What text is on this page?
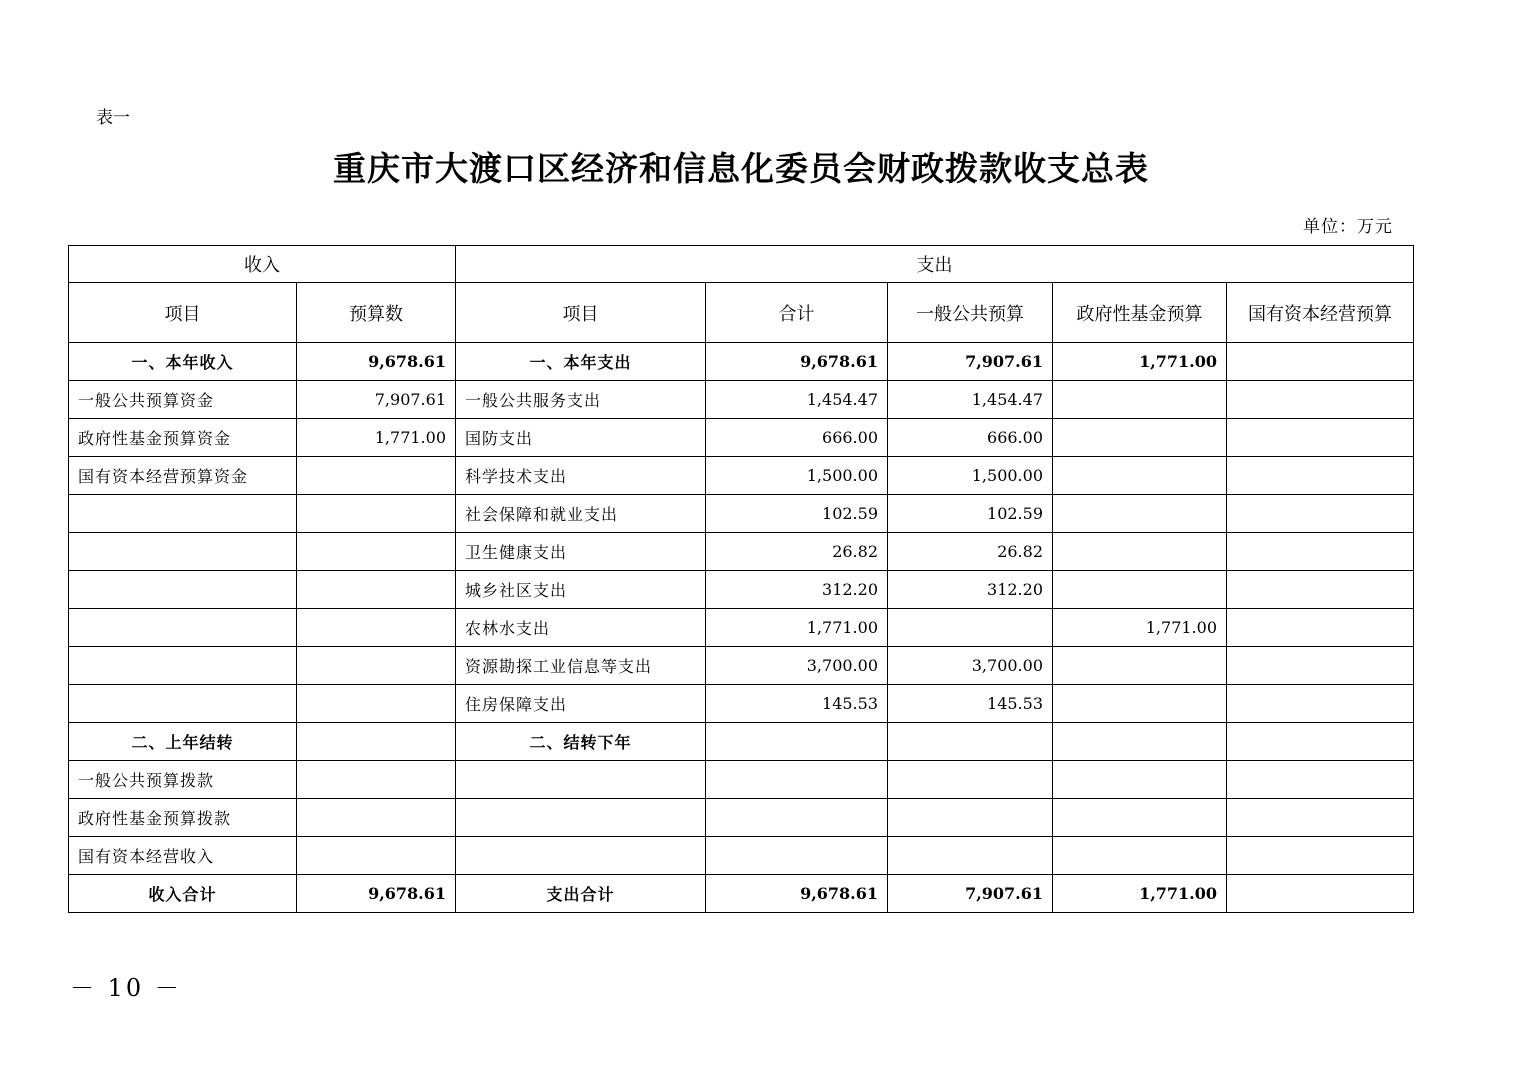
表一
重庆市大渡口区经济和信息化委员会财政拨款收支总表
单位：万元
收入		支出				
项目	预算数	项目	合计	一般公共预算	政府性基金预算	国有资本经营预算
一、本年收入	9,678.61	一、本年支出	9,678.61	7,907.61	1,771.00	
一般公共预算资金	7,907.61	一般公共服务支出	1,454.47	1,454.47		
政府性基金预算资金	1,771.00	国防支出	666.00	666.00		
国有资本经营预算资金		科学技术支出	1,500.00	1,500.00		
		社会保障和就业支出	102.59	102.59		
		卫生健康支出	26.82	26.82		
		城乡社区支出	312.20	312.20		
		农林水支出	1,771.00		1,771.00	
		资源勘探工业信息等支出	3,700.00	3,700.00		
		住房保障支出	145.53	145.53		
二、上年结转		二、结转下年				
一般公共预算拨款						
政府性基金预算拨款						
国有资本经营收入						
收入合计	9,678.61	支出合计	9,678.61	7,907.61	1,771.00	
－ 10 －
